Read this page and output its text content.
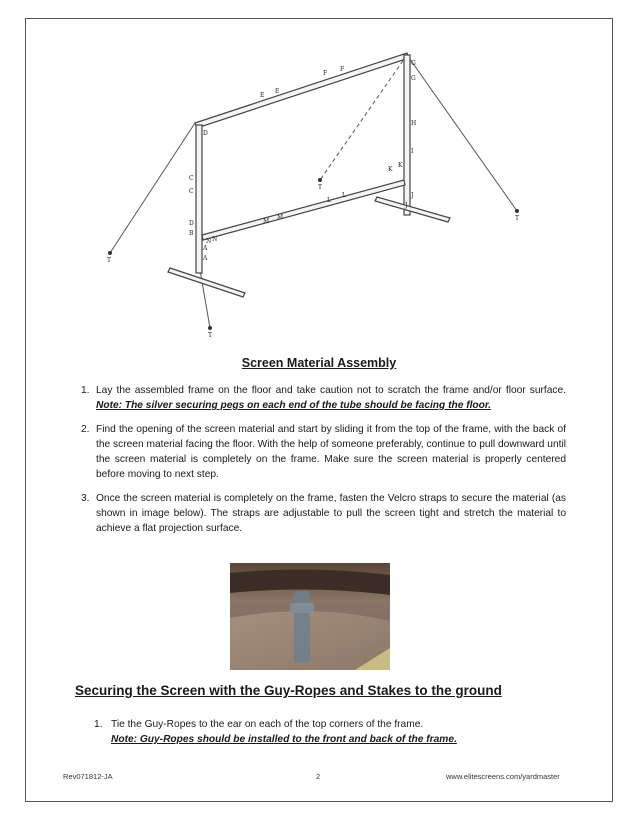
A
A
B
C
C
D
D
E
E
F
F
G
G
H
I
J
J
K
K
L
L
M
M
N N
T
T
T
T
Screen Material Assembly
1. Lay the assembled frame on the floor and take caution not to scratch the frame and/or floor surface. Note: The silver securing pegs on each end of the tube should be facing the floor.
2. Find the opening of the screen material and start by sliding it from the top of the frame, with the back of the screen material facing the floor. With the help of someone preferably, continue to pull downward until the screen material is completely on the frame. Make sure the screen material is properly centered before moving to next step.
3. Once the screen material is completely on the frame, fasten the Velcro straps to secure the material (as shown in image below). The straps are adjustable to pull the screen tight and stretch the material to achieve a flat projection surface.
Securing the Screen with the Guy-Ropes and Stakes to the ground
1. Tie the Guy-Ropes to the ear on each of the top corners of the frame.
Note: Guy-Ropes should be installed to the front and back of the frame.
Rev071812-JA	2	www.elitescreens.com/yardmaster
